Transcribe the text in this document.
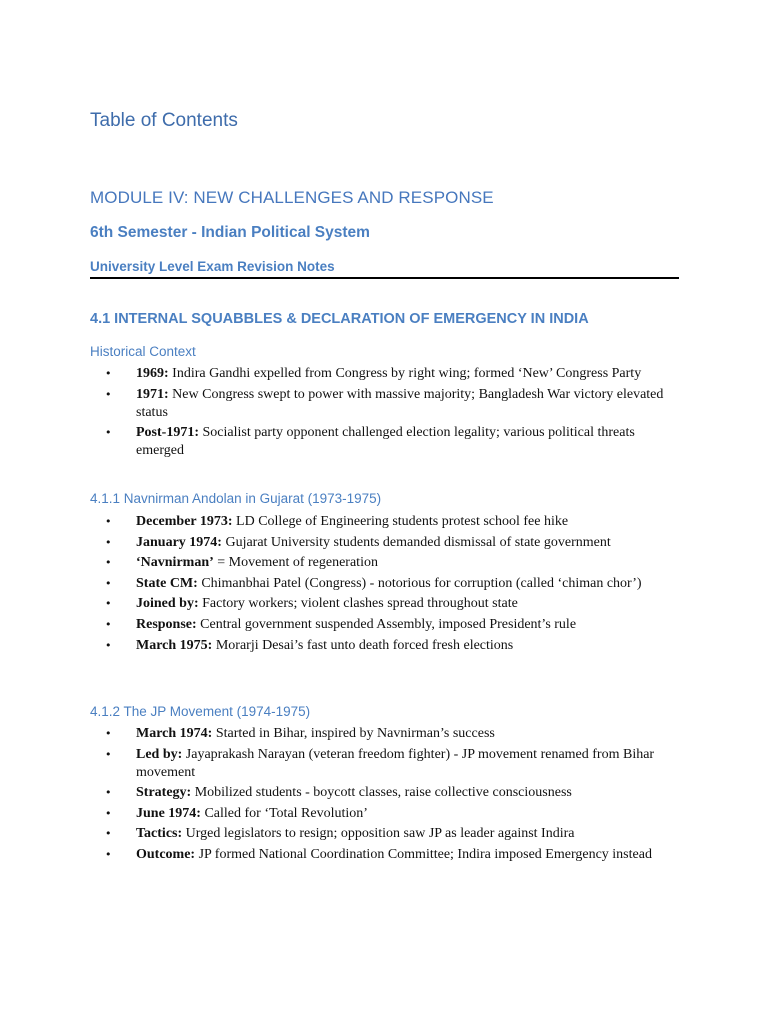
Table of Contents
MODULE IV: NEW CHALLENGES AND RESPONSE
6th Semester - Indian Political System
University Level Exam Revision Notes
4.1 INTERNAL SQUABBLES & DECLARATION OF EMERGENCY IN INDIA
Historical Context
• 1969: Indira Gandhi expelled from Congress by right wing; formed ‘New’ Congress Party
• 1971: New Congress swept to power with massive majority; Bangladesh War victory elevated status
• Post-1971: Socialist party opponent challenged election legality; various political threats emerged
4.1.1 Navnirman Andolan in Gujarat (1973-1975)
• December 1973: LD College of Engineering students protest school fee hike
• January 1974: Gujarat University students demanded dismissal of state government
• ‘Navnirman’ = Movement of regeneration
• State CM: Chimanbhai Patel (Congress) - notorious for corruption (called ‘chiman chor’)
• Joined by: Factory workers; violent clashes spread throughout state
• Response: Central government suspended Assembly, imposed President’s rule
• March 1975: Morarji Desai’s fast unto death forced fresh elections
4.1.2 The JP Movement (1974-1975)
• March 1974: Started in Bihar, inspired by Navnirman’s success
• Led by: Jayaprakash Narayan (veteran freedom fighter) - JP movement renamed from Bihar movement
• Strategy: Mobilized students - boycott classes, raise collective consciousness
• June 1974: Called for ‘Total Revolution’
• Tactics: Urged legislators to resign; opposition saw JP as leader against Indira
• Outcome: JP formed National Coordination Committee; Indira imposed Emergency instead
